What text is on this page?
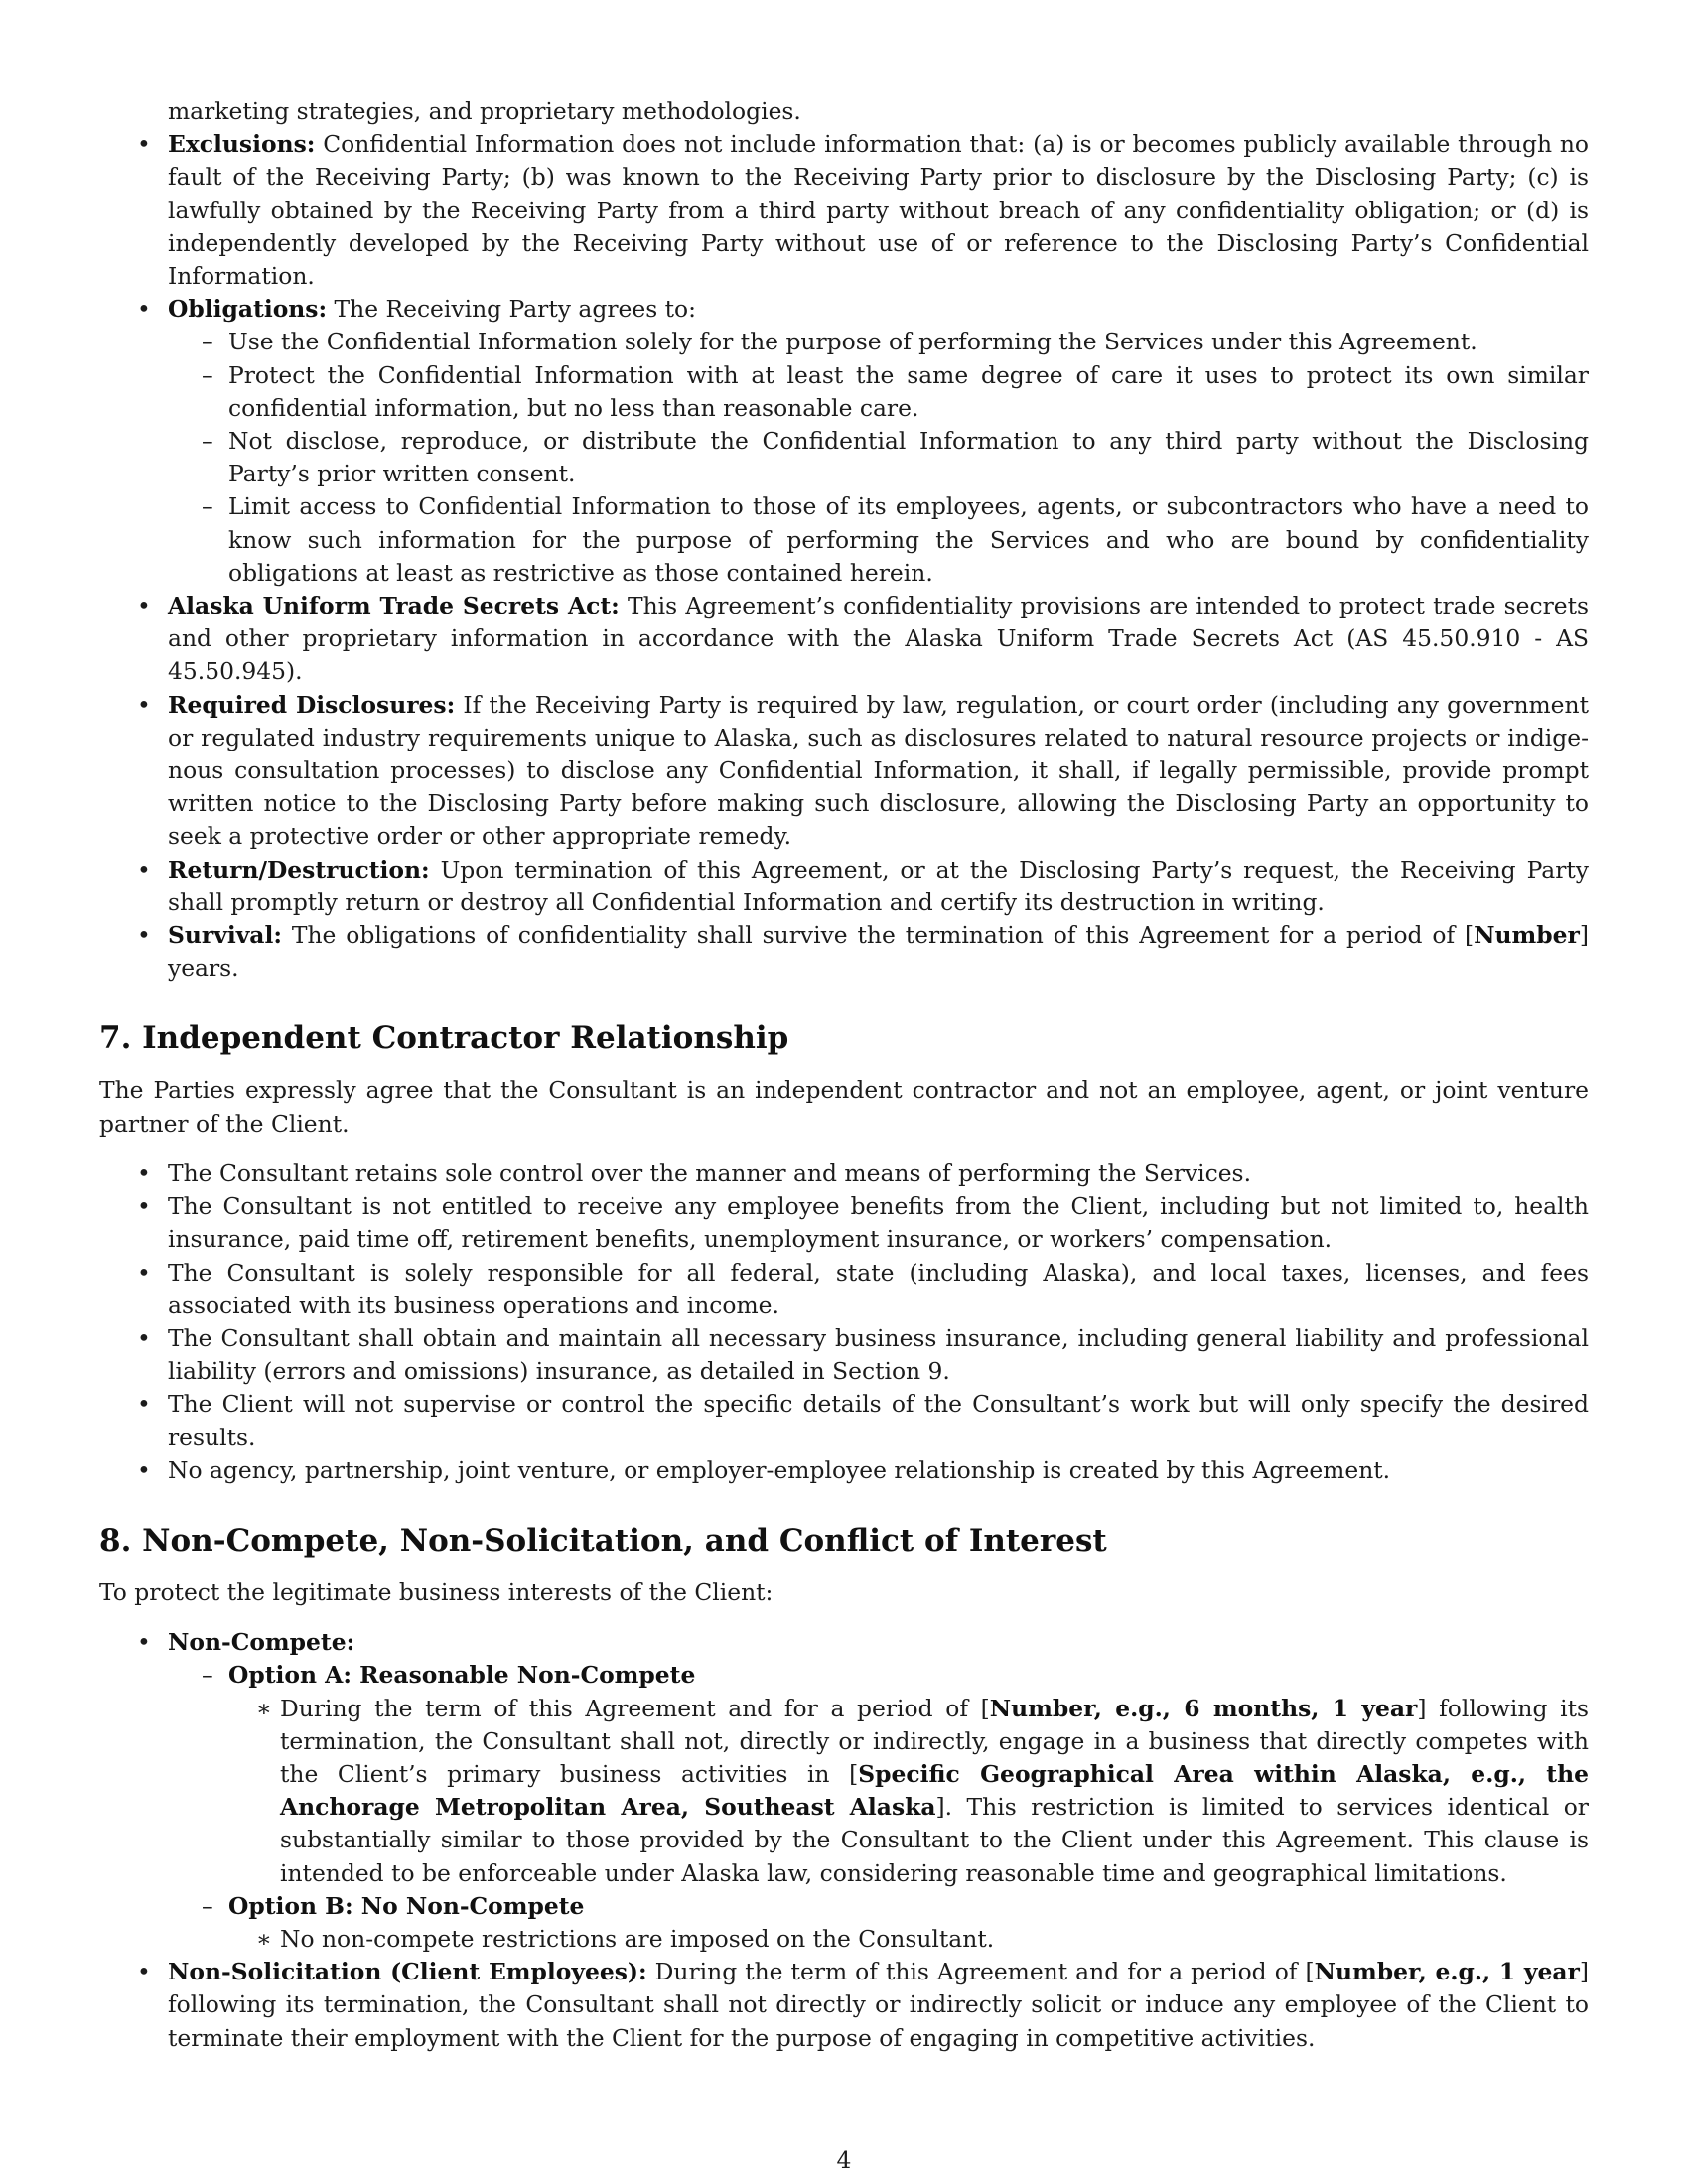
marketing strategies, and proprietary methodologies.
• Exclusions: Confidential Information does not include information that: (a) is or becomes publicly available through no fault of the Receiving Party; (b) was known to the Receiving Party prior to disclosure by the Disclosing Party; (c) is lawfully obtained by the Receiving Party from a third party without breach of any confidentiality obligation; or (d) is independently developed by the Receiving Party without use of or reference to the Disclosing Party’s Confidential Information.
• Obligations: The Receiving Party agrees to:
– Use the Confidential Information solely for the purpose of performing the Services under this Agreement.
– Protect the Confidential Information with at least the same degree of care it uses to protect its own similar confidential information, but no less than reasonable care.
– Not disclose, reproduce, or distribute the Confidential Information to any third party without the Disclosing Party’s prior written consent.
– Limit access to Confidential Information to those of its employees, agents, or subcontractors who have a need to know such information for the purpose of performing the Services and who are bound by confidentiality obligations at least as restrictive as those contained herein.
• Alaska Uniform Trade Secrets Act: This Agreement’s confidentiality provisions are intended to protect trade secrets and other proprietary information in accordance with the Alaska Uniform Trade Secrets Act (AS 45.50.910 - AS 45.50.945).
• Required Disclosures: If the Receiving Party is required by law, regulation, or court order (including any government or regulated industry requirements unique to Alaska, such as disclosures related to natural resource projects or indigenous consultation processes) to disclose any Confidential Information, it shall, if legally permissible, provide prompt written notice to the Disclosing Party before making such disclosure, allowing the Disclosing Party an opportunity to seek a protective order or other appropriate remedy.
• Return/Destruction: Upon termination of this Agreement, or at the Disclosing Party’s request, the Receiving Party shall promptly return or destroy all Confidential Information and certify its destruction in writing.
• Survival: The obligations of confidentiality shall survive the termination of this Agreement for a period of [Number] years.
7. Independent Contractor Relationship

The Parties expressly agree that the Consultant is an independent contractor and not an employee, agent, or joint venture partner of the Client.

• The Consultant retains sole control over the manner and means of performing the Services.
• The Consultant is not entitled to receive any employee benefits from the Client, including but not limited to, health insurance, paid time off, retirement benefits, unemployment insurance, or workers’ compensation.
• The Consultant is solely responsible for all federal, state (including Alaska), and local taxes, licenses, and fees associated with its business operations and income.
• The Consultant shall obtain and maintain all necessary business insurance, including general liability and professional liability (errors and omissions) insurance, as detailed in Section 9.
• The Client will not supervise or control the specific details of the Consultant’s work but will only specify the desired results.
• No agency, partnership, joint venture, or employer-employee relationship is created by this Agreement.
8. Non-Compete, Non-Solicitation, and Conflict of Interest

To protect the legitimate business interests of the Client:

• Non-Compete:
– Option A: Reasonable Non-Compete
∗ During the term of this Agreement and for a period of [Number, e.g., 6 months, 1 year] following its termination, the Consultant shall not, directly or indirectly, engage in a business that directly competes with the Client’s primary business activities in [Specific Geographical Area within Alaska, e.g., the Anchorage Metropolitan Area, Southeast Alaska]. This restriction is limited to services identical or substantially similar to those provided by the Consultant to the Client under this Agreement. This clause is intended to be enforceable under Alaska law, considering reasonable time and geographical limitations.
– Option B: No Non-Compete
∗ No non-compete restrictions are imposed on the Consultant.
• Non-Solicitation (Client Employees): During the term of this Agreement and for a period of [Number, e.g., 1 year] following its termination, the Consultant shall not directly or indirectly solicit or induce any employee of the Client to terminate their employment with the Client for the purpose of engaging in competitive activities.
4
